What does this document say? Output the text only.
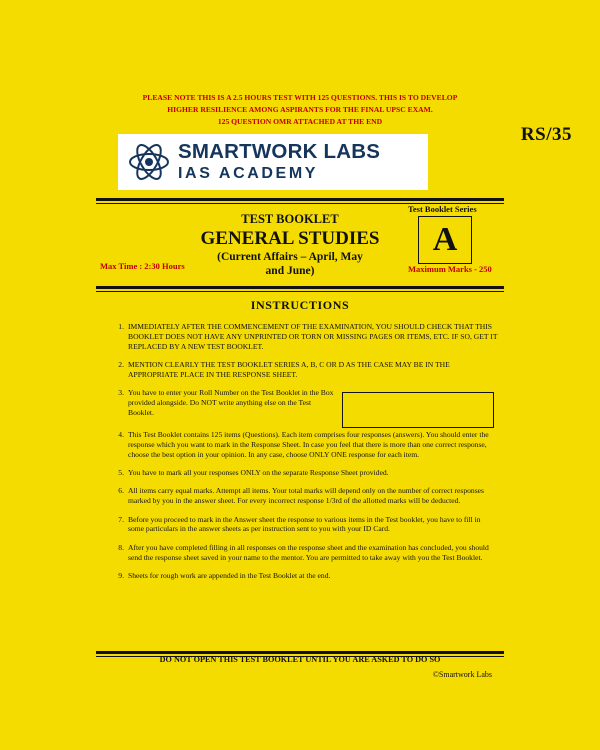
PLEASE NOTE THIS IS A 2.5 HOURS TEST WITH 125 QUESTIONS. THIS IS TO DEVELOP
HIGHER RESILIENCE AMONG ASPIRANTS FOR THE FINAL UPSC EXAM.
125 QUESTION OMR ATTACHED AT THE END
RS/35
SMARTWORK LABS
IAS ACADEMY
Test Booklet Series
A
TEST BOOKLET
GENERAL STUDIES
(Current Affairs – April, May
and June)
Max Time : 2:30 Hours	Maximum Marks - 250
INSTRUCTIONS
1. IMMEDIATELY AFTER THE COMMENCEMENT OF THE EXAMINATION, YOU SHOULD CHECK THAT THIS BOOKLET DOES NOT HAVE ANY UNPRINTED OR TORN OR MISSING PAGES OR ITEMS, ETC. IF SO, GET IT REPLACED BY A NEW TEST BOOKLET.
2. MENTION CLEARLY THE TEST BOOKLET SERIES A, B, C OR D AS THE CASE MAY BE IN THE APPROPRIATE PLACE IN THE RESPONSE SHEET.
3. You have to enter your Roll Number on the Test Booklet in the Box provided alongside. Do NOT write anything else on the Test Booklet.
4. This Test Booklet contains 125 items (Questions). Each item comprises four responses (answers). You should enter the response which you want to mark in the Response Sheet. In case you feel that there is more than one correct response, choose the best option in your opinion. In any case, choose ONLY ONE response for each item.
5. You have to mark all your responses ONLY on the separate Response Sheet provided.
6. All items carry equal marks. Attempt all items. Your total marks will depend only on the number of correct responses marked by you in the answer sheet. For every incorrect response 1/3rd of the allotted marks will be deducted.
7. Before you proceed to mark in the Answer sheet the response to various items in the Test booklet, you have to fill in some particulars in the answer sheets as per instruction sent to you with your ID Card.
8. After you have completed filling in all responses on the response sheet and the examination has concluded, you should send the response sheet saved in your name to the mentor. You are permitted to take away with you the Test Booklet.
9. Sheets for rough work are appended in the Test Booklet at the end.
DO NOT OPEN THIS TEST BOOKLET UNTIL YOU ARE ASKED TO DO SO
©Smartwork Labs
